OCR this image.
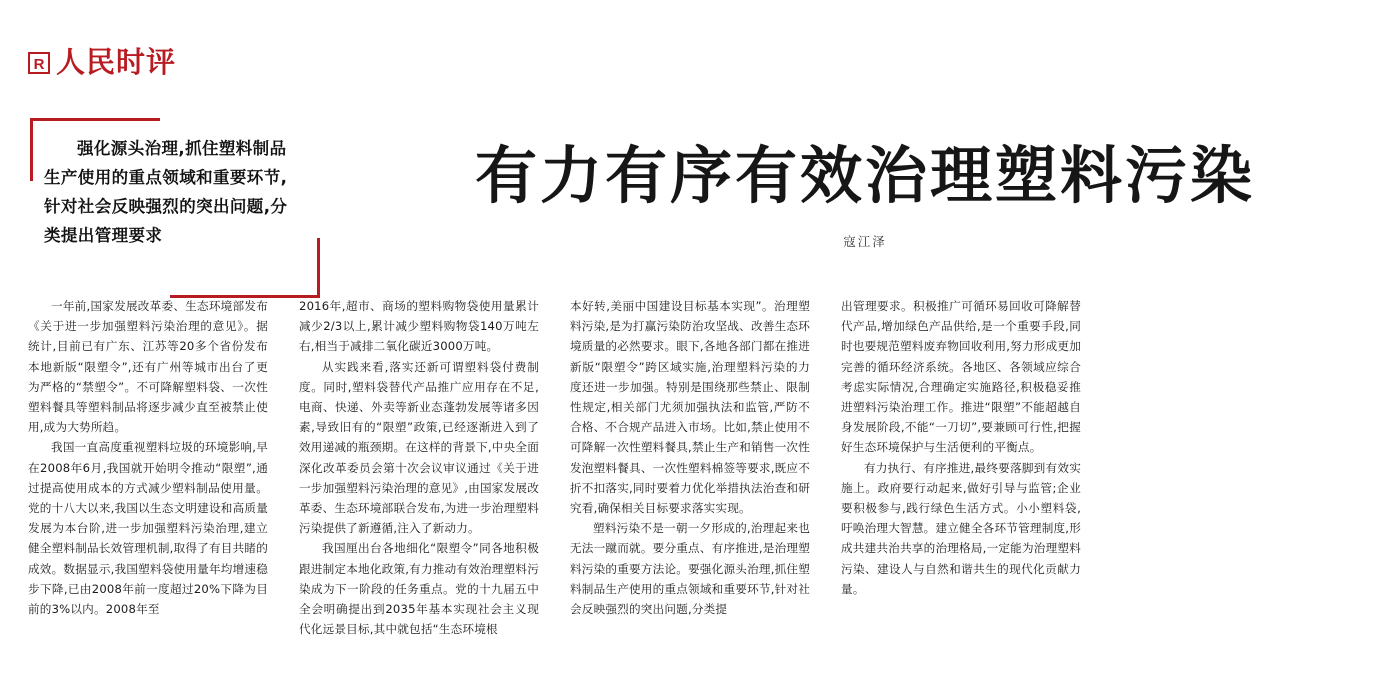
R 人民时评
强化源头治理,抓住塑料制品生产使用的重点领域和重要环节,针对社会反映强烈的突出问题,分类提出管理要求
有力有序有效治理塑料污染
寇江泽

一年前,国家发展改革委、生态环境部发布《关于进一步加强塑料污染治理的意见》。据统计,目前已有广东、江苏等20多个省份发布本地新版“限塑令”,还有广州等城市出台了更为严格的“禁塑令”。不可降解塑料袋、一次性塑料餐具等塑料制品将逐步减少直至被禁止使用,成为大势所趋。

我国一直高度重视塑料垃圾的环境影响,早在2008年6月,我国就开始明令推动“限塑”,通过提高使用成本的方式减少塑料制品使用量。党的十八大以来,我国以生态文明建设和高质量发展为本台阶,进一步加强塑料污染治理,建立健全塑料制品长效管理机制,取得了有目共睹的成效。数据显示,我国塑料袋使用量年均增速稳步下降,已由2008年前一度超过20%下降为目前的3%以内。2008年至

2016年,超市、商场的塑料购物袋使用量累计减少2/3以上,累计减少塑料购物袋140万吨左右,相当于减排二氧化碳近3000万吨。

从实践来看,落实还新可谓塑料袋付费制度。同时,塑料袋替代产品推广应用存在不足,电商、快递、外卖等新业态蓬勃发展等诸多因素,导致旧有的“限塑”政策,已经逐渐进入到了效用递减的瓶颈期。在这样的背景下,中央全面深化改革委员会第十次会议审议通过《关于进一步加强塑料污染治理的意见》,由国家发展改革委、生态环境部联合发布,为进一步治理塑料污染提供了新遵循,注入了新动力。

我国厘出台各地细化“限塑令”同各地积极跟进制定本地化政策,有力推动有效治理塑料污染成为下一阶段的任务重点。党的十九届五中全会明确提出到2035年基本实现社会主义现代化远景目标,其中就包括“生态环境根

本好转,美丽中国建设目标基本实现”。治理塑料污染,是为打赢污染防治攻坚战、改善生态环境质量的必然要求。眼下,各地各部门都在推进新版“限塑令”跨区域实施,治理塑料污染的力度还进一步加强。特别是围绕那些禁止、限制性规定,相关部门尤须加强执法和监管,严防不合格、不合规产品进入市场。比如,禁止使用不可降解一次性塑料餐具,禁止生产和销售一次性发泡塑料餐具、一次性塑料棉签等要求,既应不折不扣落实,同时要着力优化举措执法治查和研究看,确保相关目标要求落实实现。

塑料污染不是一朝一夕形成的,治理起来也无法一蹴而就。要分重点、有序推进,是治理塑料污染的重要方法论。要强化源头治理,抓住塑料制品生产使用的重点领域和重要环节,针对社会反映强烈的突出问题,分类提

出管理要求。积极推广可循环易回收可降解替代产品,增加绿色产品供给,是一个重要手段,同时也要规范塑料废弃物回收利用,努力形成更加完善的循环经济系统。各地区、各领域应综合考虑实际情况,合理确定实施路径,积极稳妥推进塑料污染治理工作。推进“限塑”不能超越自身发展阶段,不能“一刀切”,要兼顾可行性,把握好生态环境保护与生活便利的平衡点。

有力执行、有序推进,最终要落脚到有效实施上。政府要行动起来,做好引导与监管;企业要积极参与,践行绿色生活方式。小小塑料袋,吁唤治理大智慧。建立健全各环节管理制度,形成共建共治共享的治理格局,一定能为治理塑料污染、建设人与自然和谐共生的现代化贡献力量。
